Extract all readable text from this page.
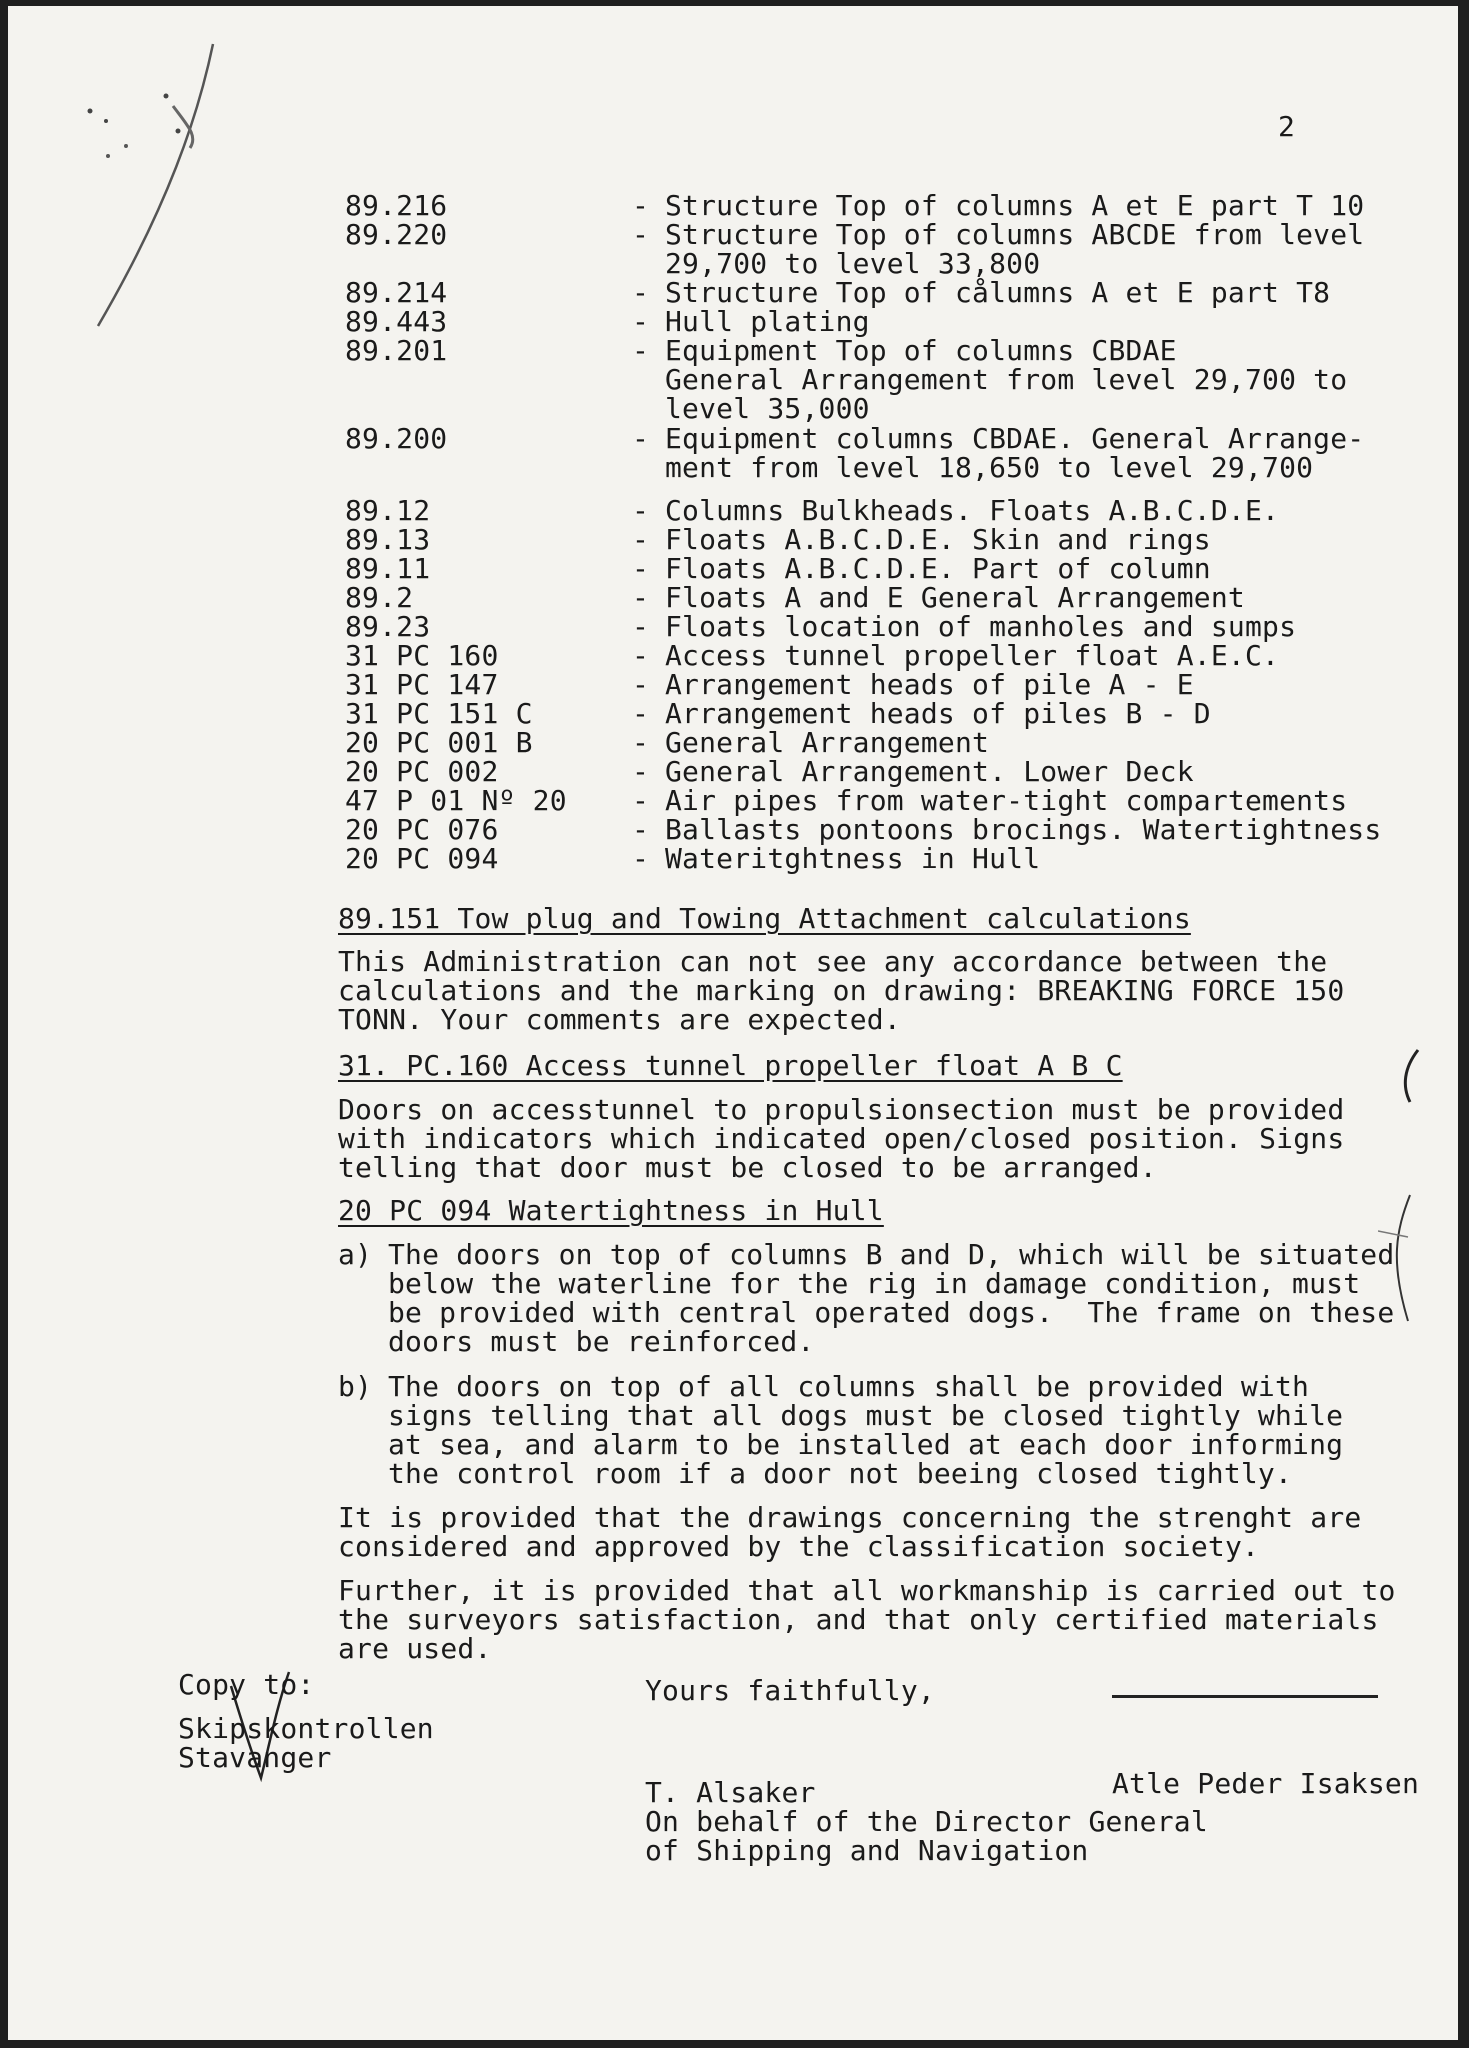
2
89.216	- Structure Top of columns A et E part T 10
89.220	- Structure Top of columns ABCDE from level
29,700 to level 33,800
89.214	- Structure Top of cålumns A et E part T8
89.443	- Hull plating
89.201	- Equipment Top of columns CBDAE
General Arrangement from level 29,700 to
level 35,000
89.200	- Equipment columns CBDAE. General Arrange-
ment from level 18,650 to level 29,700
89.12	- Columns Bulkheads. Floats A.B.C.D.E.
89.13	- Floats A.B.C.D.E. Skin and rings
89.11	- Floats A.B.C.D.E. Part of column
89.2	- Floats A and E General Arrangement
89.23	- Floats location of manholes and sumps
31 PC 160	- Access tunnel propeller float A.E.C.
31 PC 147	- Arrangement heads of pile A - E
31 PC 151 C	- Arrangement heads of piles B - D
20 PC 001 B	- General Arrangement
20 PC 002	- General Arrangement. Lower Deck
47 P 01 Nº 20 - Air pipes from water-tight compartements
20 PC 076	- Ballasts pontoons brocings. Watertightness
20 PC 094	- Wateritghtness in Hull
89.151 Tow plug and Towing Attachment calculations
This Administration can not see any accordance between the
calculations and the marking on drawing: BREAKING FORCE 150
TONN. Your comments are expected.
31. PC.160 Access tunnel propeller float A B C
Doors on accesstunnel to propulsionsection must be provided
with indicators which indicated open/closed position. Signs
telling that door must be closed to be arranged.
20 PC 094 Watertightness in Hull
a) The doors on top of columns B and D, which will be situated
below the waterline for the rig in damage condition, must
be provided with central operated dogs.  The frame on these
doors must be reinforced.
b) The doors on top of all columns shall be provided with
signs telling that all dogs must be closed tightly while
at sea, and alarm to be installed at each door informing
the control room if a door not beeing closed tightly.
It is provided that the drawings concerning the strenght are
considered and approved by the classification society.
Further, it is provided that all workmanship is carried out to
the surveyors satisfaction, and that only certified materials
are used.
Copy to:
Skipskontrollen
Stavanger
Yours faithfully,
Atle Peder Isaksen
T. Alsaker
On behalf of the Director General
of Shipping and Navigation
